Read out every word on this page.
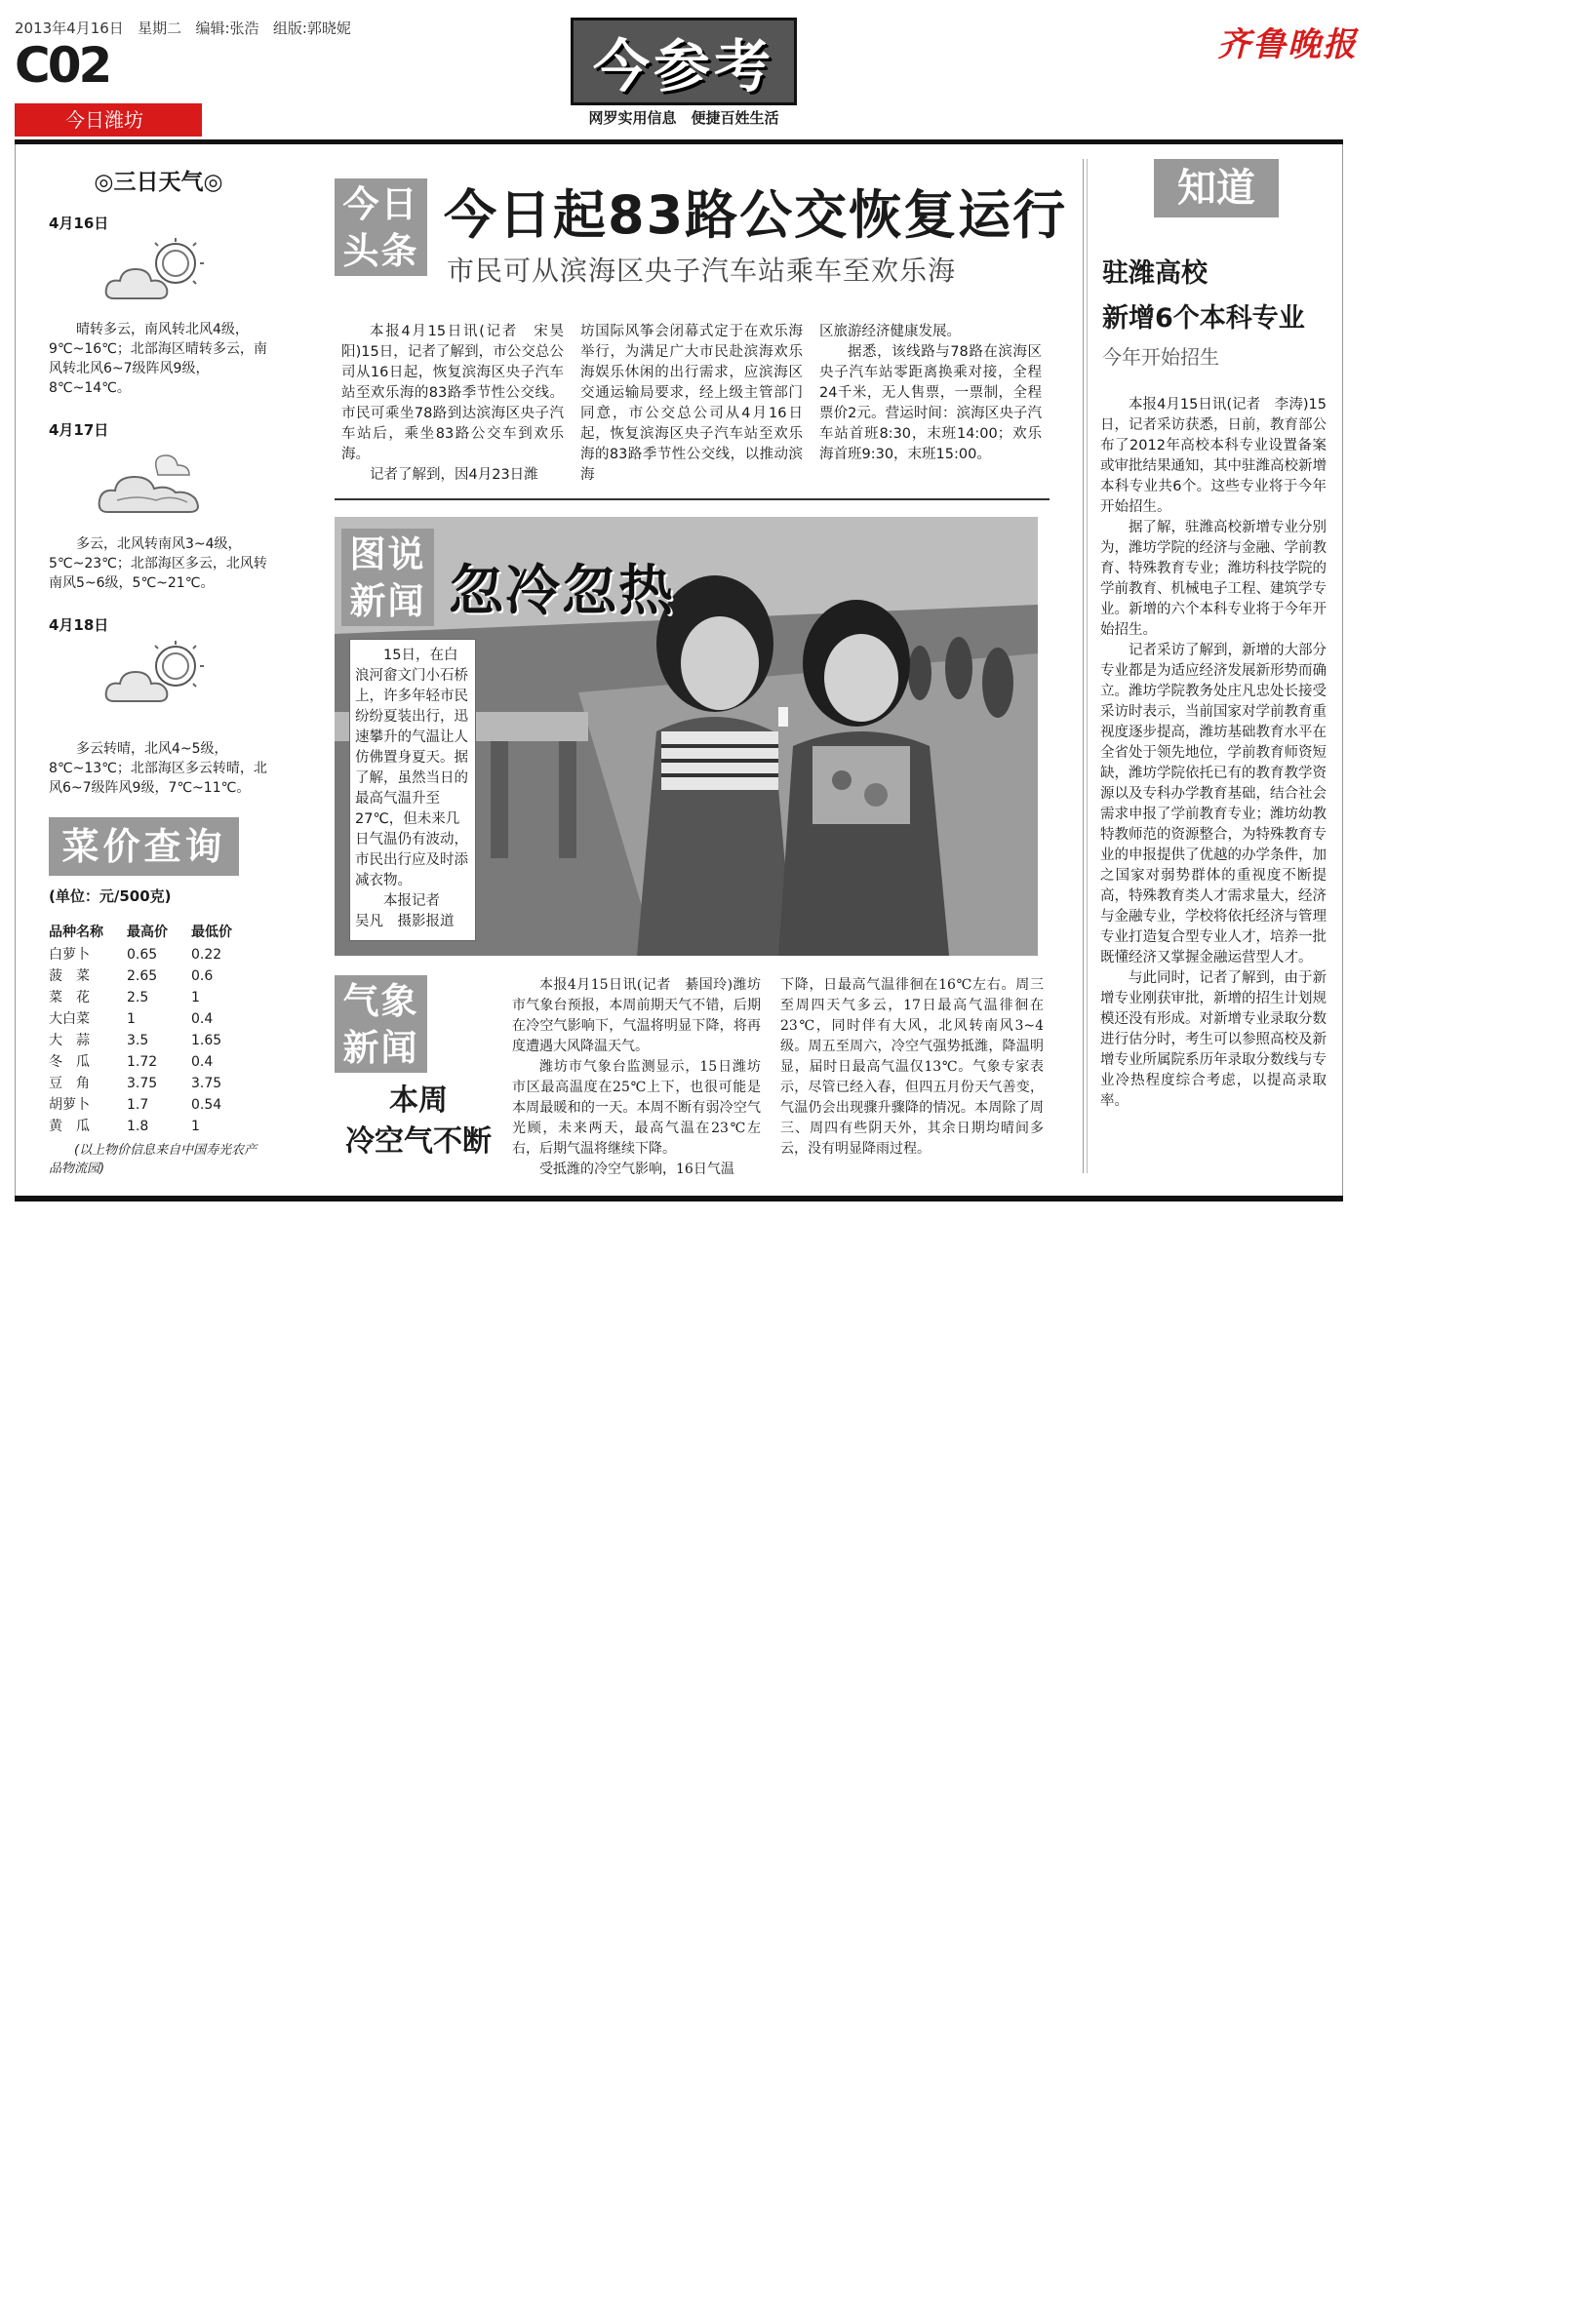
2013年4月16日 星期二 编辑:张浩 组版:郭晓妮
C02
今日潍坊
今参考
网罗实用信息　便捷百姓生活
齐鲁晚报
◎三日天气◎
4月16日
晴转多云，南风转北风4级，9℃~16℃；北部海区晴转多云，南风转北风6~7级阵风9级，8℃~14℃。
4月17日
多云，北风转南风3~4级，5℃~23℃；北部海区多云，北风转南风5~6级，5℃~21℃。
4月18日
多云转晴，北风4~5级，8℃~13℃；北部海区多云转晴，北风6~7级阵风9级，7℃~11℃。
菜价查询
(单位：元/500克)
品种名称	最高价	最低价
白萝卜	0.65	0.22
菠　菜	2.65	0.6
菜　花	2.5	1
大白菜	1	0.4
大　蒜	3.5	1.65
冬　瓜	1.72	0.4
豆　角	3.75	3.75
胡萝卜	1.7	0.54
黄　瓜	1.8	1
(以上物价信息来自中国寿光农产品物流园)
今日
头条
今日起83路公交恢复运行
市民可从滨海区央子汽车站乘车至欢乐海

本报4月15日讯(记者　宋昊阳)15日，记者了解到，市公交总公司从16日起，恢复滨海区央子汽车站至欢乐海的83路季节性公交线。市民可乘坐78路到达滨海区央子汽车站后，乘坐83路公交车到欢乐海。

记者了解到，因4月23日潍

坊国际风筝会闭幕式定于在欢乐海举行，为满足广大市民赴滨海欢乐海娱乐休闲的出行需求，应滨海区交通运输局要求，经上级主管部门同意，市公交总公司从4月16日起，恢复滨海区央子汽车站至欢乐海的83路季节性公交线，以推动滨海

区旅游经济健康发展。

据悉，该线路与78路在滨海区央子汽车站零距离换乘对接，全程24千米，无人售票，一票制，全程票价2元。营运时间：滨海区央子汽车站首班8:30，末班14:00；欢乐海首班9:30，末班15:00。

图说
新闻 忽冷忽热

15日，在白浪河畲文门小石桥上，许多年轻市民纷纷夏装出行，迅速攀升的气温让人仿佛置身夏天。据了解，虽然当日的最高气温升至27℃，但未来几日气温仍有波动，市民出行应及时添减衣物。

本报记者

吴凡　摄影报道

气象
新闻
本周
冷空气不断

本报4月15日讯(记者　綦国玲)潍坊市气象台预报，本周前期天气不错，后期在冷空气影响下，气温将明显下降，将再度遭遇大风降温天气。

潍坊市气象台监测显示，15日潍坊市区最高温度在25℃上下，也很可能是本周最暖和的一天。本周不断有弱冷空气光顾，未来两天，最高气温在23℃左右，后期气温将继续下降。

受抵潍的冷空气影响，16日气温

下降，日最高气温徘徊在16℃左右。周三至周四天气多云，17日最高气温徘徊在23℃，同时伴有大风，北风转南风3~4级。周五至周六，冷空气强势抵潍，降温明显，届时日最高气温仅13℃。气象专家表示，尽管已经入春，但四五月份天气善变，气温仍会出现骤升骤降的情况。本周除了周三、周四有些阴天外，其余日期均晴间多云，没有明显降雨过程。

知道
驻潍高校
新增6个本科专业
今年开始招生

本报4月15日讯(记者　李涛)15日，记者采访获悉，日前，教育部公布了2012年高校本科专业设置备案或审批结果通知，其中驻潍高校新增本科专业共6个。这些专业将于今年开始招生。

据了解，驻潍高校新增专业分别为，潍坊学院的经济与金融、学前教育、特殊教育专业；潍坊科技学院的学前教育、机械电子工程、建筑学专业。新增的六个本科专业将于今年开始招生。

记者采访了解到，新增的大部分专业都是为适应经济发展新形势而确立。潍坊学院教务处庄凡忠处长接受采访时表示，当前国家对学前教育重视度逐步提高，潍坊基础教育水平在全省处于领先地位，学前教育师资短缺，潍坊学院依托已有的教育教学资源以及专科办学教育基础，结合社会需求申报了学前教育专业；潍坊幼教特教师范的资源整合，为特殊教育专业的申报提供了优越的办学条件，加之国家对弱势群体的重视度不断提高，特殊教育类人才需求量大，经济与金融专业，学校将依托经济与管理专业打造复合型专业人才，培养一批既懂经济又掌握金融运营型人才。

与此同时，记者了解到，由于新增专业刚获审批，新增的招生计划规模还没有形成。对新增专业录取分数进行估分时，考生可以参照高校及新增专业所属院系历年录取分数线与专业冷热程度综合考虑，以提高录取率。
